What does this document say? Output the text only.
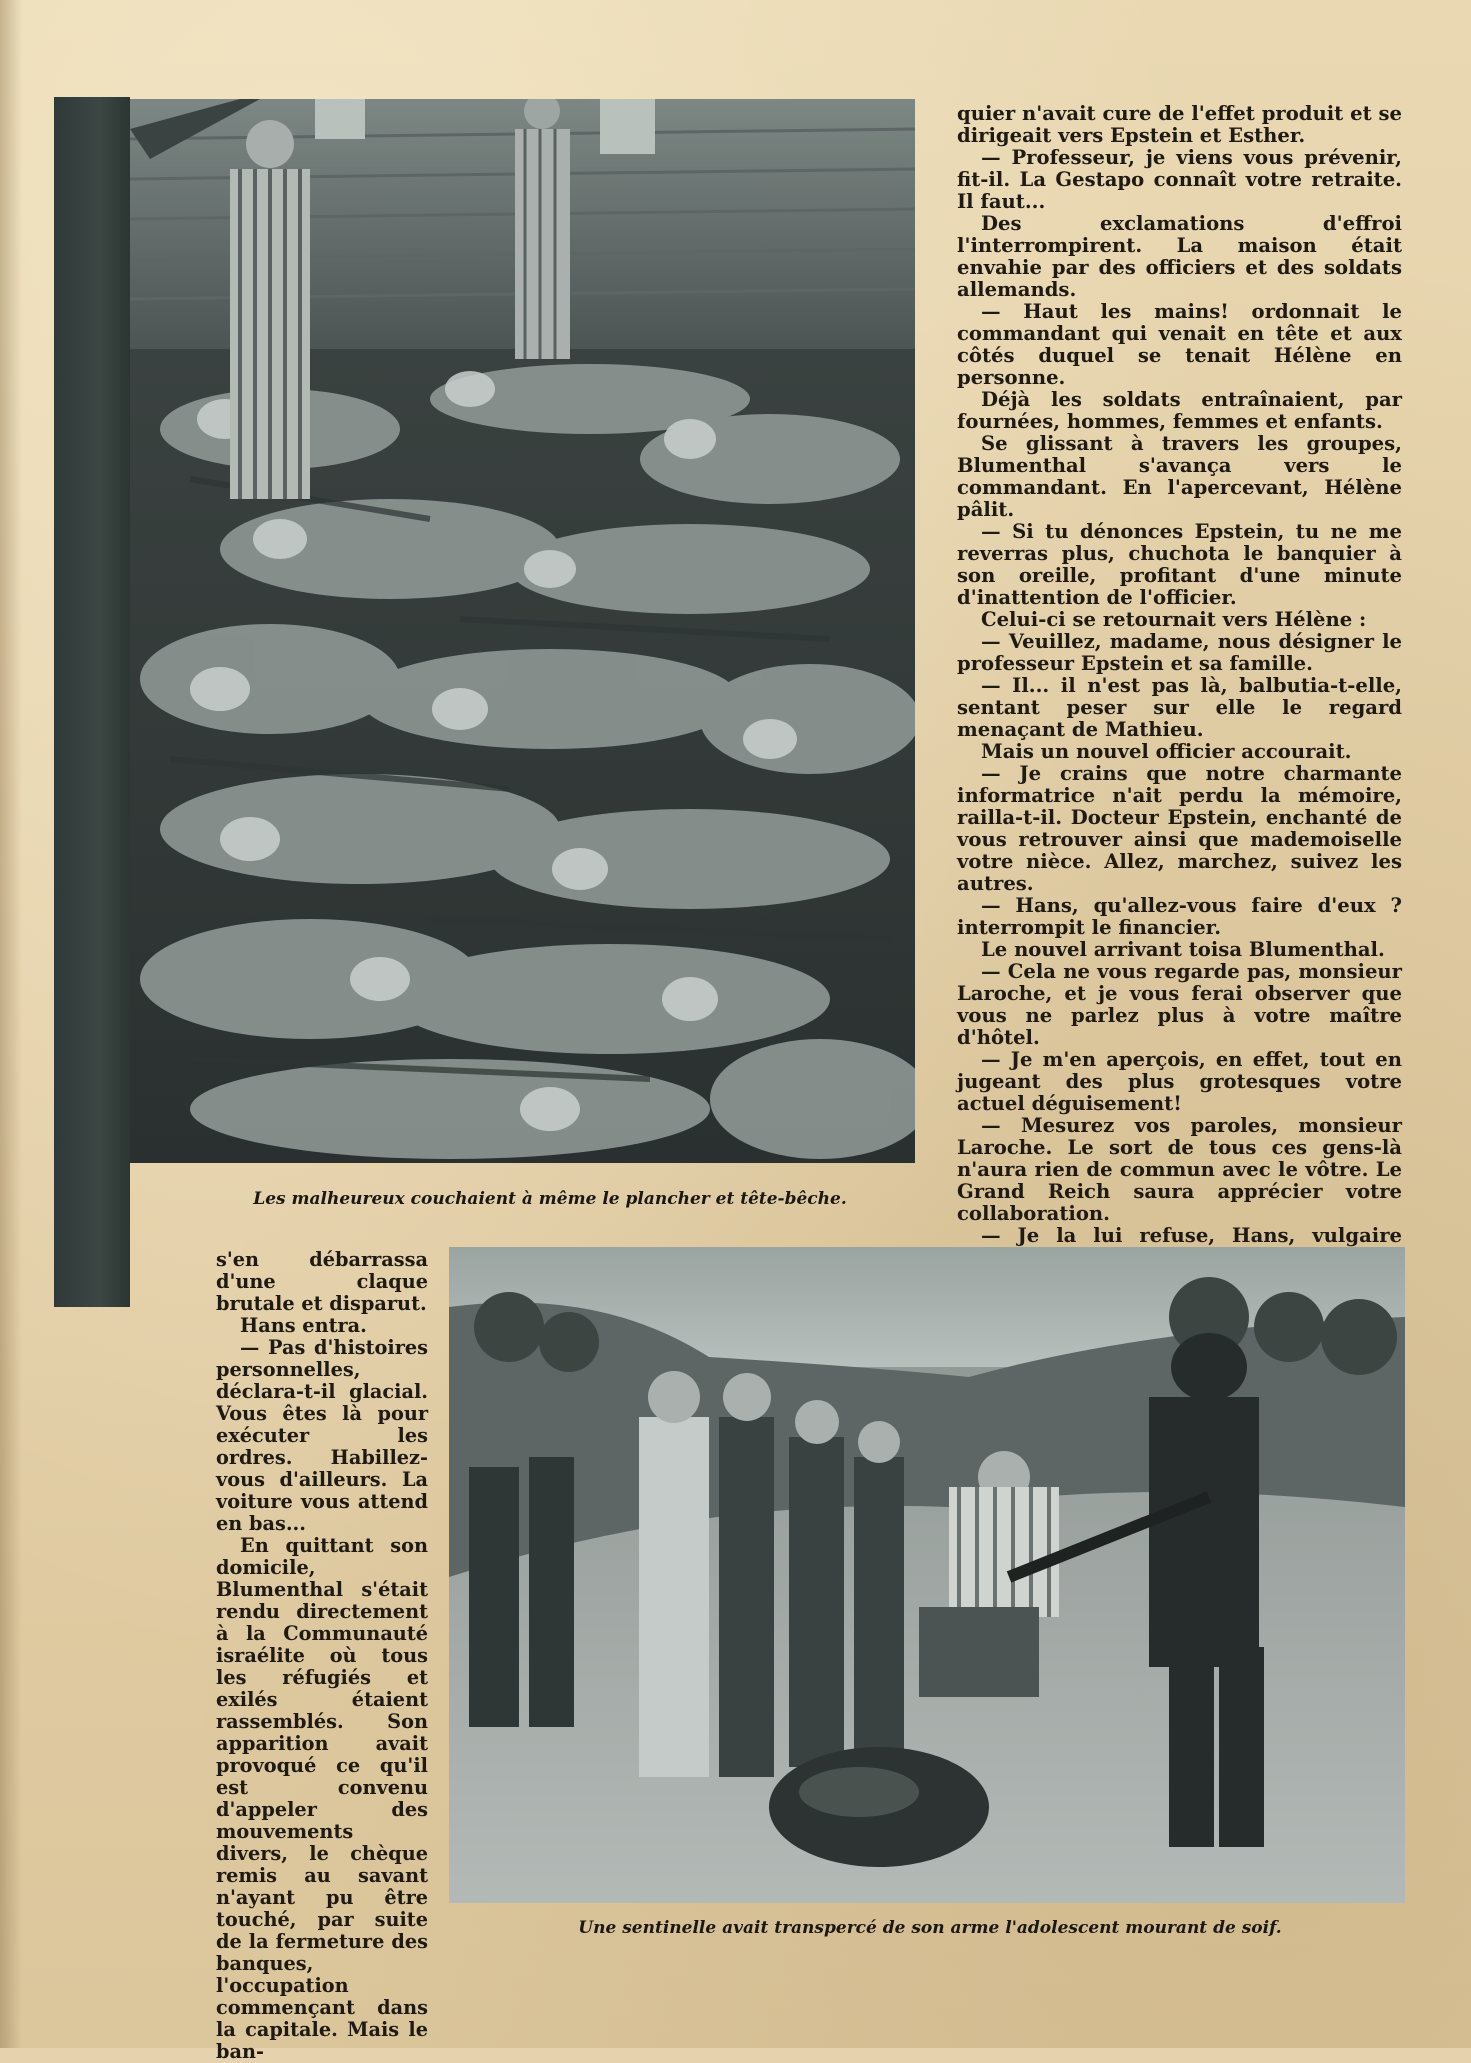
Les malheureux couchaient à même le plancher et tête-bêche.

quier n'avait cure de l'effet produit et se dirigeait vers Epstein et Esther.

— Professeur, je viens vous prévenir, fit-il. La Gestapo connaît votre retraite. Il faut...

Des exclamations d'effroi l'interrompirent. La maison était envahie par des officiers et des soldats allemands.

— Haut les mains! ordonnait le commandant qui venait en tête et aux côtés duquel se tenait Hélène en personne.

Déjà les soldats entraînaient, par fournées, hommes, femmes et enfants.

Se glissant à travers les groupes, Blumenthal s'avança vers le commandant. En l'apercevant, Hélène pâlit.

— Si tu dénonces Epstein, tu ne me reverras plus, chuchota le banquier à son oreille, profitant d'une minute d'inattention de l'officier.

Celui-ci se retournait vers Hélène :

— Veuillez, madame, nous désigner le professeur Epstein et sa famille.

— Il... il n'est pas là, balbutia-t-elle, sentant peser sur elle le regard menaçant de Mathieu.

Mais un nouvel officier accourait.

— Je crains que notre charmante informatrice n'ait perdu la mémoire, railla-t-il. Docteur Epstein, enchanté de vous retrouver ainsi que mademoiselle votre nièce. Allez, marchez, suivez les autres.

— Hans, qu'allez-vous faire d'eux ? interrompit le financier.

Le nouvel arrivant toisa Blumenthal.

— Cela ne vous regarde pas, monsieur Laroche, et je vous ferai observer que vous ne parlez plus à votre maître d'hôtel.

— Je m'en aperçois, en effet, tout en jugeant des plus grotesques votre actuel déguisement!

— Mesurez vos paroles, monsieur Laroche. Le sort de tous ces gens-là n'aura rien de commun avec le vôtre. Le Grand Reich saura apprécier votre collaboration.

— Je la lui refuse, Hans, vulgaire

s'en débarrassa d'une claque brutale et disparut.

Hans entra.

— Pas d'histoires personnelles, déclara-t-il glacial. Vous êtes là pour exécuter les ordres. Habillez-vous d'ailleurs. La voiture vous attend en bas...

En quittant son domicile, Blumenthal s'était rendu directement à la Communauté israélite où tous les réfugiés et exilés étaient rassemblés. Son apparition avait provoqué ce qu'il est convenu d'appeler des mouvements divers, le chèque remis au savant n'ayant pu être touché, par suite de la fermeture des banques, l'occupation commençant dans la capitale. Mais le ban-

Une sentinelle avait transpercé de son arme l'adolescent mourant de soif.
